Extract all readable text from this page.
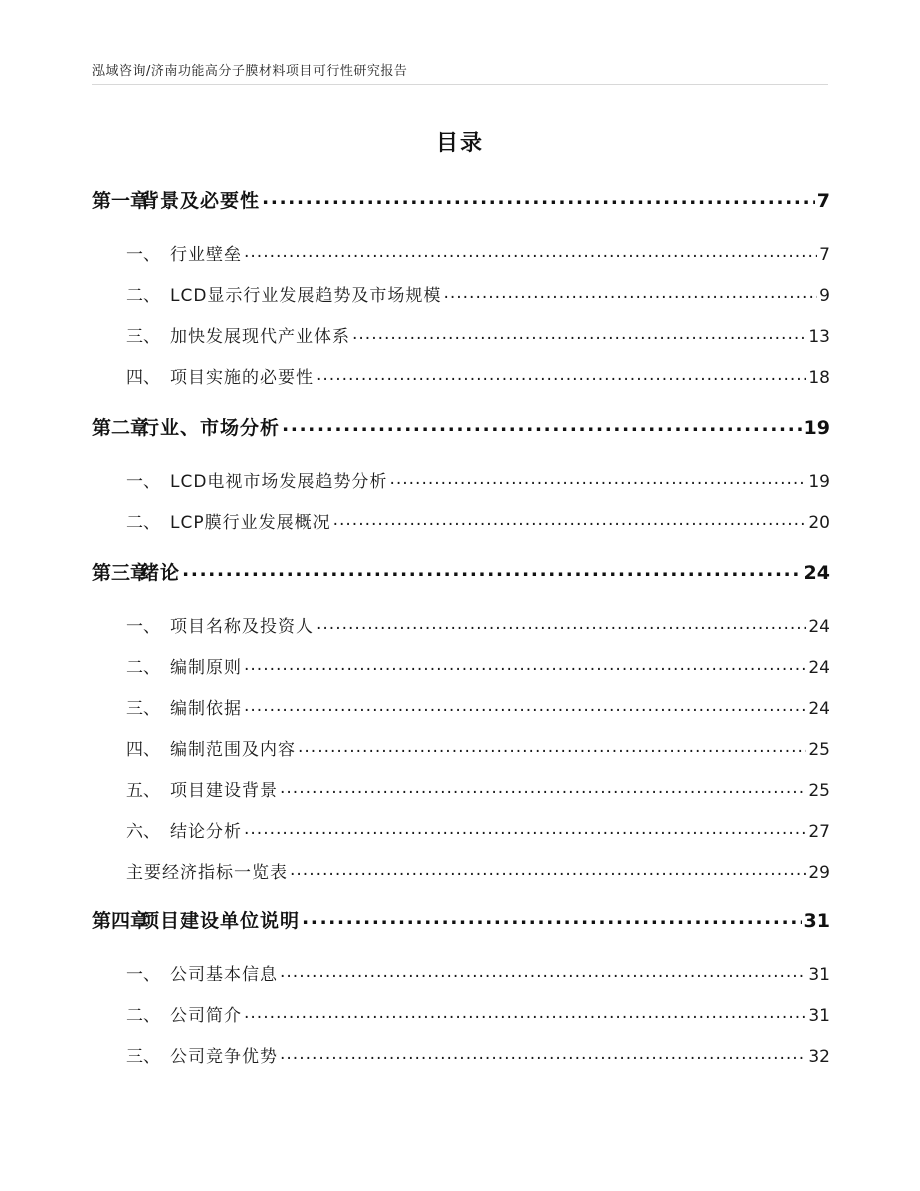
泓域咨询/济南功能高分子膜材料项目可行性研究报告
目录
第一章背景及必要性 .....	7
一、 行业壁垒 .....	7
二、 LCD显示行业发展趋势及市场规模 .....	9
三、 加快发展现代产业体系 .....	13
四、 项目实施的必要性 .....	18
第二章行业、市场分析 .....	19
一、 LCD电视市场发展趋势分析 .....	19
二、 LCP膜行业发展概况 .....	20
第三章绪论 .....	24
一、 项目名称及投资人 .....	24
二、 编制原则 .....	24
三、 编制依据 .....	24
四、 编制范围及内容 .....	25
五、 项目建设背景 .....	25
六、 结论分析 .....	27
主要经济指标一览表 .....	29
第四章项目建设单位说明 .....	31
一、 公司基本信息 .....	31
二、 公司简介 .....	31
三、 公司竞争优势 .....	32
